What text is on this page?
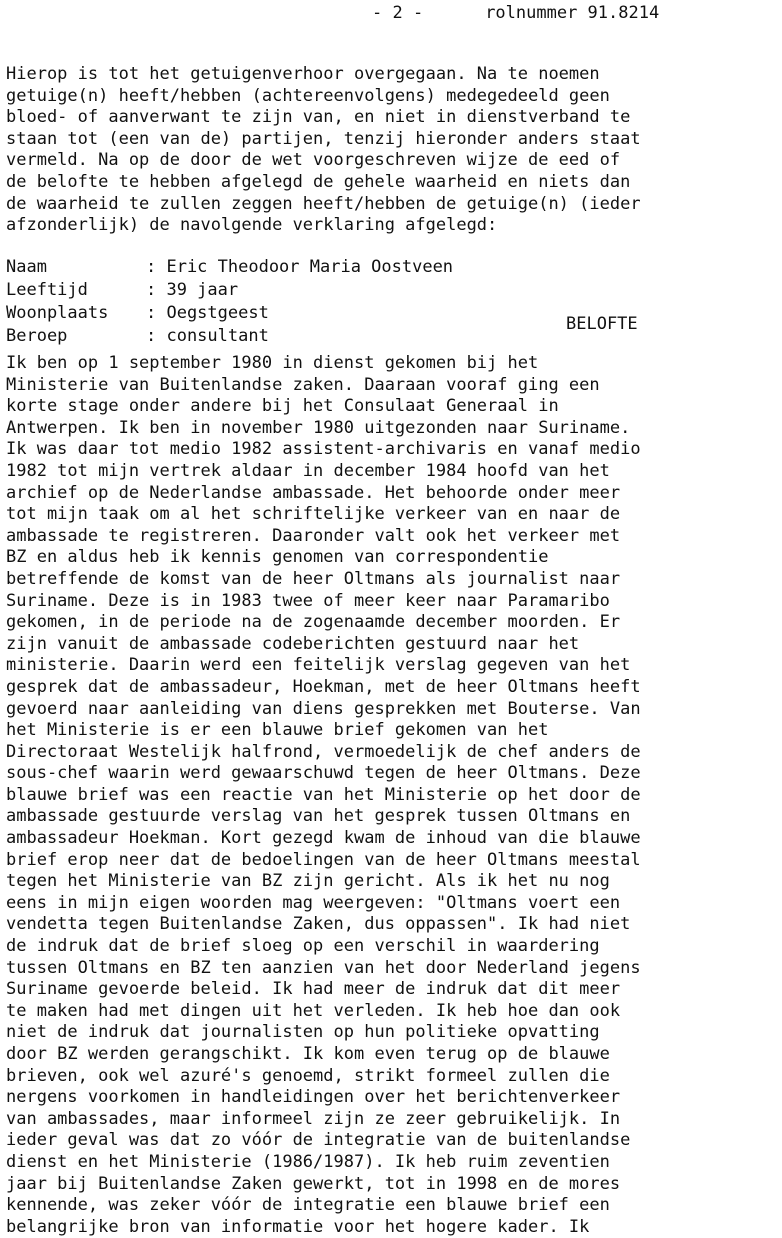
- 2 -	rolnummer 91.8214
Hierop is tot het getuigenverhoor overgegaan. Na te noemen
getuige(n) heeft/hebben (achtereenvolgens) medegedeeld geen
bloed- of aanverwant te zijn van, en niet in dienstverband te
staan tot (een van de) partijen, tenzij hieronder anders staat
vermeld. Na op de door de wet voorgeschreven wijze de eed of
de belofte te hebben afgelegd de gehele waarheid en niets dan
de waarheid te zullen zeggen heeft/hebben de getuige(n) (ieder
afzonderlijk) de navolgende verklaring afgelegd:
Naam	: Eric Theodoor Maria Oostveen
Leeftijd	: 39 jaar
Woonplaats : Oegstgeest
Beroep	: consultant
BELOFTE
Ik ben op 1 september 1980 in dienst gekomen bij het
Ministerie van Buitenlandse zaken. Daaraan vooraf ging een
korte stage onder andere bij het Consulaat Generaal in
Antwerpen. Ik ben in november 1980 uitgezonden naar Suriname.
Ik was daar tot medio 1982 assistent-archivaris en vanaf medio
1982 tot mijn vertrek aldaar in december 1984 hoofd van het
archief op de Nederlandse ambassade. Het behoorde onder meer
tot mijn taak om al het schriftelijke verkeer van en naar de
ambassade te registreren. Daaronder valt ook het verkeer met
BZ en aldus heb ik kennis genomen van correspondentie
betreffende de komst van de heer Oltmans als journalist naar
Suriname. Deze is in 1983 twee of meer keer naar Paramaribo
gekomen, in de periode na de zogenaamde december moorden. Er
zijn vanuit de ambassade codeberichten gestuurd naar het
ministerie. Daarin werd een feitelijk verslag gegeven van het
gesprek dat de ambassadeur, Hoekman, met de heer Oltmans heeft
gevoerd naar aanleiding van diens gesprekken met Bouterse. Van
het Ministerie is er een blauwe brief gekomen van het
Directoraat Westelijk halfrond, vermoedelijk de chef anders de
sous-chef waarin werd gewaarschuwd tegen de heer Oltmans. Deze
blauwe brief was een reactie van het Ministerie op het door de
ambassade gestuurde verslag van het gesprek tussen Oltmans en
ambassadeur Hoekman. Kort gezegd kwam de inhoud van die blauwe
brief erop neer dat de bedoelingen van de heer Oltmans meestal
tegen het Ministerie van BZ zijn gericht. Als ik het nu nog
eens in mijn eigen woorden mag weergeven: "Oltmans voert een
vendetta tegen Buitenlandse Zaken, dus oppassen". Ik had niet
de indruk dat de brief sloeg op een verschil in waardering
tussen Oltmans en BZ ten aanzien van het door Nederland jegens
Suriname gevoerde beleid. Ik had meer de indruk dat dit meer
te maken had met dingen uit het verleden. Ik heb hoe dan ook
niet de indruk dat journalisten op hun politieke opvatting
door BZ werden gerangschikt. Ik kom even terug op de blauwe
brieven, ook wel azuré's genoemd, strikt formeel zullen die
nergens voorkomen in handleidingen over het berichtenverkeer
van ambassades, maar informeel zijn ze zeer gebruikelijk. In
ieder geval was dat zo vóór de integratie van de buitenlandse
dienst en het Ministerie (1986/1987). Ik heb ruim zeventien
jaar bij Buitenlandse Zaken gewerkt, tot in 1998 en de mores
kennende, was zeker vóór de integratie een blauwe brief een
belangrijke bron van informatie voor het hogere kader. Ik
